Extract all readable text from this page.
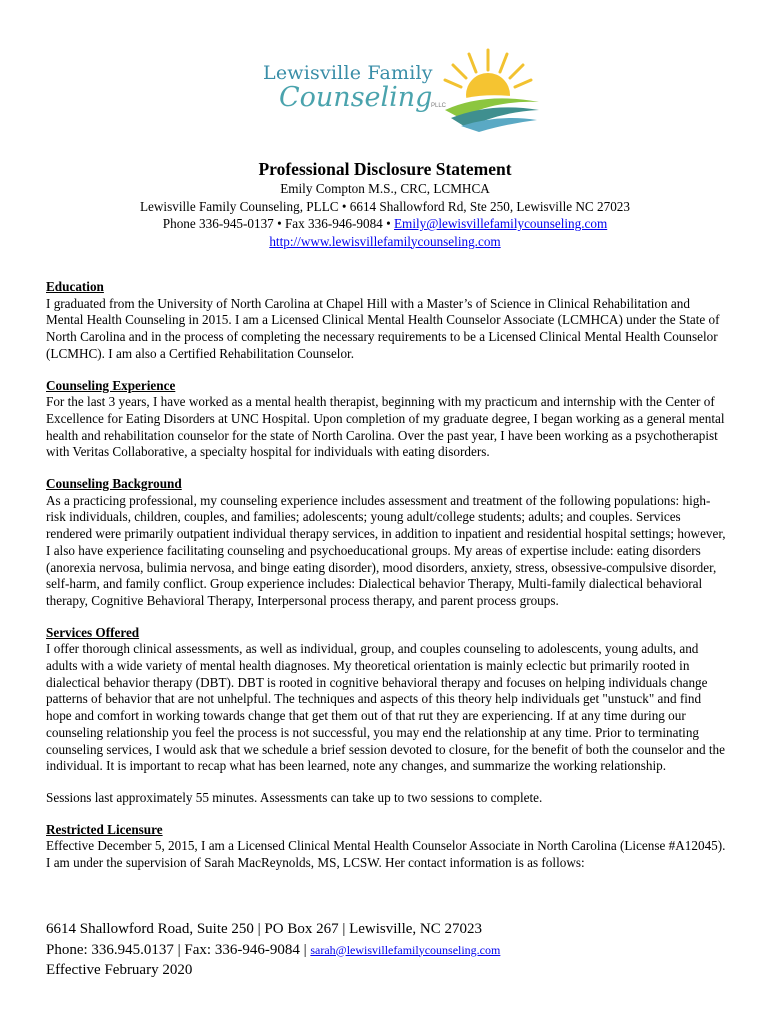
Lewisville Family
Counseling
PLLC
Professional Disclosure Statement
Emily Compton M.S., CRC, LCMHCA
Lewisville Family Counseling, PLLC • 6614 Shallowford Rd, Ste 250, Lewisville NC 27023
Phone 336-945-0137 • Fax 336-946-9084 • Emily@lewisvillefamilycounseling.com
http://www.lewisvillefamilycounseling.com
Education

I graduated from the University of North Carolina at Chapel Hill with a Master’s of Science in Clinical Rehabilitation and Mental Health Counseling in 2015. I am a Licensed Clinical Mental Health Counselor Associate (LCMHCA) under the State of North Carolina and in the process of completing the necessary requirements to be a Licensed Clinical Mental Health Counselor (LCMHC). I am also a Certified Rehabilitation Counselor.

Counseling Experience

For the last 3 years, I have worked as a mental health therapist, beginning with my practicum and internship with the Center of Excellence for Eating Disorders at UNC Hospital. Upon completion of my graduate degree, I began working as a general mental health and rehabilitation counselor for the state of North Carolina. Over the past year, I have been working as a psychotherapist with Veritas Collaborative, a specialty hospital for individuals with eating disorders.

Counseling Background

As a practicing professional, my counseling experience includes assessment and treatment of the following populations: high-risk individuals, children, couples, and families; adolescents; young adult/college students; adults; and couples. Services rendered were primarily outpatient individual therapy services, in addition to inpatient and residential hospital settings; however, I also have experience facilitating counseling and psychoeducational groups. My areas of expertise include: eating disorders (anorexia nervosa, bulimia nervosa, and binge eating disorder), mood disorders, anxiety, stress, obsessive-compulsive disorder, self-harm, and family conflict. Group experience includes: Dialectical behavior Therapy, Multi-family dialectical behavioral therapy, Cognitive Behavioral Therapy, Interpersonal process therapy, and parent process groups.

Services Offered

I offer thorough clinical assessments, as well as individual, group, and couples counseling to adolescents, young adults, and adults with a wide variety of mental health diagnoses. My theoretical orientation is mainly eclectic but primarily rooted in dialectical behavior therapy (DBT). DBT is rooted in cognitive behavioral therapy and focuses on helping individuals change patterns of behavior that are not unhelpful. The techniques and aspects of this theory help individuals get "unstuck" and find hope and comfort in working towards change that get them out of that rut they are experiencing. If at any time during our counseling relationship you feel the process is not successful, you may end the relationship at any time. Prior to terminating counseling services, I would ask that we schedule a brief session devoted to closure, for the benefit of both the counselor and the individual. It is important to recap what has been learned, note any changes, and summarize the working relationship.

Sessions last approximately 55 minutes. Assessments can take up to two sessions to complete.

Restricted Licensure

Effective December 5, 2015, I am a Licensed Clinical Mental Health Counselor Associate in North Carolina (License #A12045). I am under the supervision of Sarah MacReynolds, MS, LCSW. Her contact information is as follows:

6614 Shallowford Road, Suite 250 | PO Box 267 | Lewisville, NC 27023
Phone: 336.945.0137 | Fax: 336-946-9084 | sarah@lewisvillefamilycounseling.com
Effective February 2020
